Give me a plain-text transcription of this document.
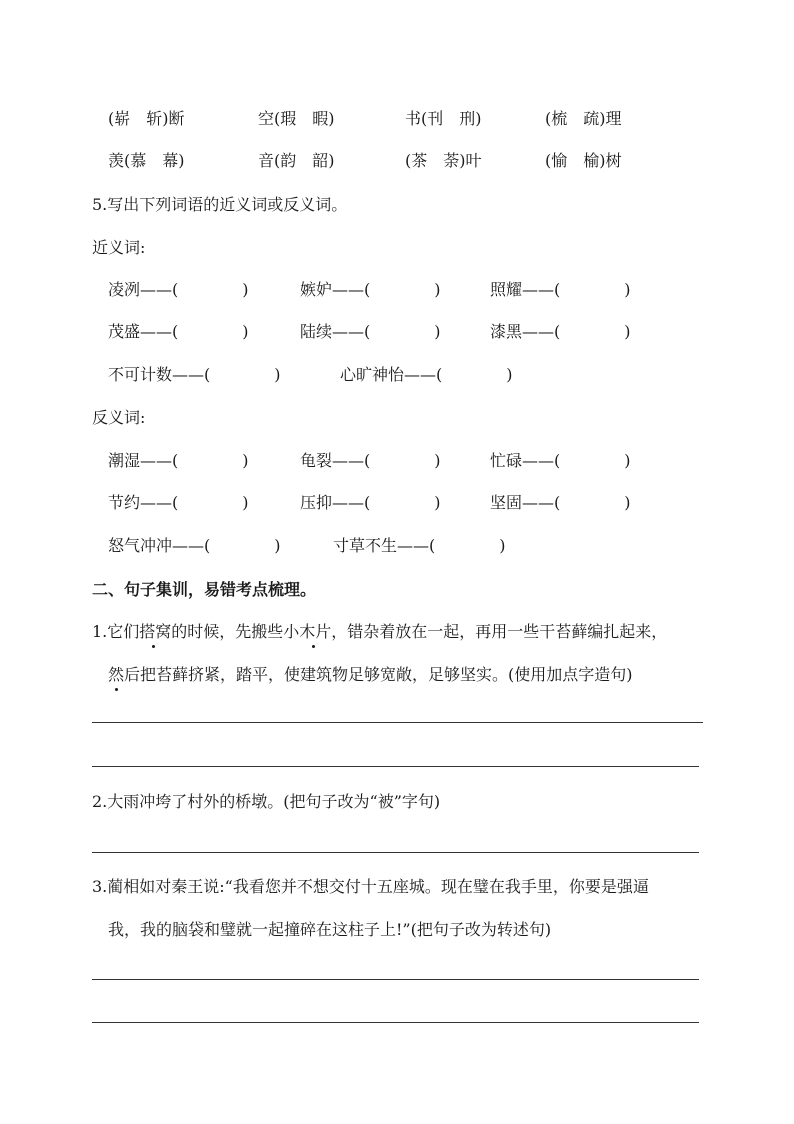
(崭　斩)断	空(瑕　暇)	书(刊　刑)	(梳　疏)理
羡(慕　幕)	音(韵　韶)	(茶　荼)叶	(愉　榆)树
5.写出下列词语的近义词或反义词。
近义词:
凌冽——(　　　　)	嫉妒——(　　　　)	照耀——(　　　　)
茂盛——(　　　　)	陆续——(　　　　)	漆黑——(　　　　)
不可计数——(　　　　)	心旷神怡——(　　　　)
反义词:
潮湿——(　　　　)	龟裂——(　　　　)	忙碌——(　　　　)
节约——(　　　　)	压抑——(　　　　)	坚固——(　　　　)
怒气冲冲——(　　　　)	寸草不生——(　　　　)
二、句子集训，易错考点梳理。
1.它们搭窝的时候，先搬些小木片，错杂着放在一起，再用一些干苔藓编扎起来，
然后把苔藓挤紧，踏平，使建筑物足够宽敞，足够坚实。(使用加点字造句)
2.大雨冲垮了村外的桥墩。(把句子改为“被”字句)
3.蔺相如对秦王说:“我看您并不想交付十五座城。现在璧在我手里，你要是强逼
我，我的脑袋和璧就一起撞碎在这柱子上!”(把句子改为转述句)
